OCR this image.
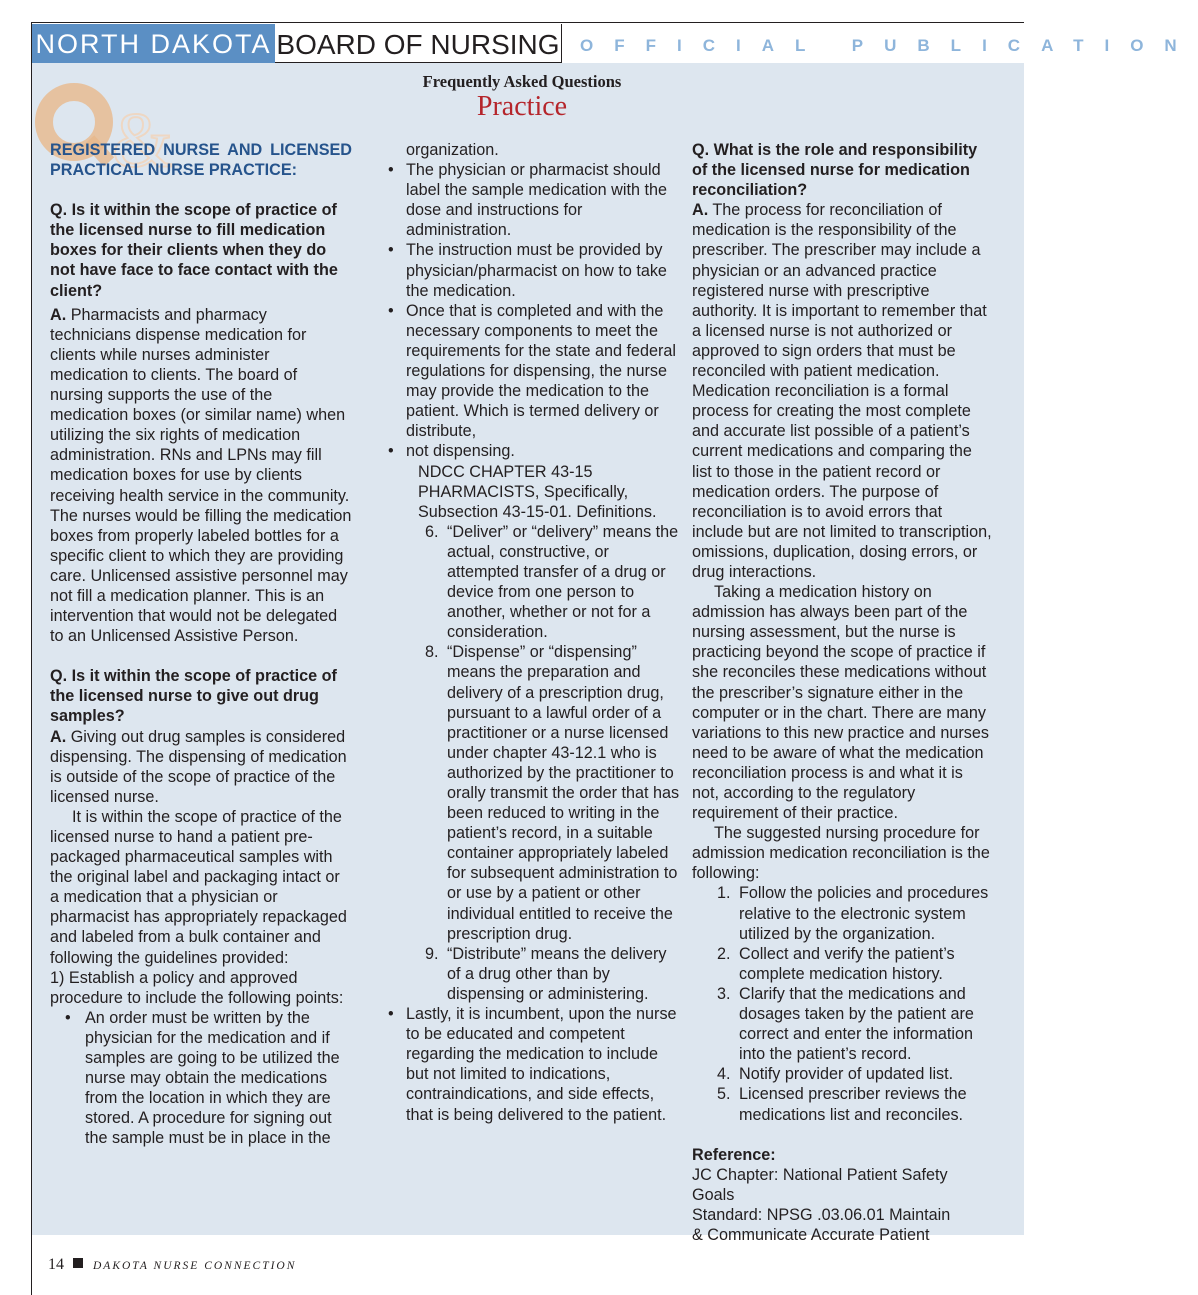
NORTH DAKOTA BOARD OF NURSING OFFICIAL PUBLICATION
&
Frequently Asked Questions
Practice

REGISTERED NURSE AND LICENSED

PRACTICAL NURSE PRACTICE:

Q. Is it within the scope of practice of the licensed nurse to fill medication boxes for their clients when they do not have face to face contact with the client?

A. Pharmacists and pharmacy technicians dispense medication for clients while nurses administer medication to clients. The board of nursing supports the use of the medication boxes (or similar name) when utilizing the six rights of medication administration. RNs and LPNs may fill medication boxes for use by clients receiving health service in the community. The nurses would be filling the medication boxes from properly labeled bottles for a specific client to which they are providing care. Unlicensed assistive personnel may not fill a medication planner. This is an intervention that would not be delegated to an Unlicensed Assistive Person.

Q. Is it within the scope of practice of the licensed nurse to give out drug samples?

A. Giving out drug samples is considered dispensing. The dispensing of medication is outside of the scope of practice of the licensed nurse.

It is within the scope of practice of the licensed nurse to hand a patient pre-packaged pharmaceutical samples with the original label and packaging intact or a medication that a physician or pharmacist has appropriately repackaged and labeled from a bulk container and following the guidelines provided:

1) Establish a policy and approved procedure to include the following points:

• An order must be written by the physician for the medication and if samples are going to be utilized the nurse may obtain the medications from the location in which they are stored. A procedure for signing out the sample must be in place in the

organization.

• The physician or pharmacist should label the sample medication with the dose and instructions for administration.
• The instruction must be provided by physician/pharmacist on how to take the medication.
• Once that is completed and with the necessary components to meet the requirements for the state and federal regulations for dispensing, the nurse may provide the medication to the patient. Which is termed delivery or distribute,
• not dispensing.
NDCC CHAPTER 43-15
PHARMACISTS, Specifically,
Subsection 43-15-01. Definitions.
6. “Deliver” or “delivery” means the actual, constructive, or attempted transfer of a drug or device from one person to another, whether or not for a consideration.
8. “Dispense” or “dispensing” means the preparation and delivery of a prescription drug, pursuant to a lawful order of a practitioner or a nurse licensed under chapter 43-12.1 who is authorized by the practitioner to orally transmit the order that has been reduced to writing in the patient’s record, in a suitable container appropriately labeled for subsequent administration to or use by a patient or other individual entitled to receive the prescription drug.
9. “Distribute” means the delivery of a drug other than by dispensing or administering.
• Lastly, it is incumbent, upon the nurse to be educated and competent regarding the medication to include but not limited to indications, contraindications, and side effects, that is being delivered to the patient.

Q. What is the role and responsibility of the licensed nurse for medication reconciliation?

A. The process for reconciliation of medication is the responsibility of the prescriber. The prescriber may include a physician or an advanced practice registered nurse with prescriptive authority. It is important to remember that a licensed nurse is not authorized or approved to sign orders that must be reconciled with patient medication. Medication reconciliation is a formal process for creating the most complete and accurate list possible of a patient’s current medications and comparing the list to those in the patient record or medication orders. The purpose of reconciliation is to avoid errors that include but are not limited to transcription, omissions, duplication, dosing errors, or drug interactions.

Taking a medication history on admission has always been part of the nursing assessment, but the nurse is practicing beyond the scope of practice if she reconciles these medications without the prescriber’s signature either in the computer or in the chart. There are many variations to this new practice and nurses need to be aware of what the medication reconciliation process is and what it is not, according to the regulatory requirement of their practice.

The suggested nursing procedure for admission medication reconciliation is the following:

1. Follow the policies and procedures relative to the electronic system utilized by the organization.
2. Collect and verify the patient’s complete medication history.
3. Clarify that the medications and dosages taken by the patient are correct and enter the information into the patient’s record.
4. Notify provider of updated list.
5. Licensed prescriber reviews the medications list and reconciles.

Reference:

JC Chapter: National Patient Safety Goals

Standard: NPSG .03.06.01 Maintain

& Communicate Accurate Patient

14	DAKOTA NURSE CONNECTION
